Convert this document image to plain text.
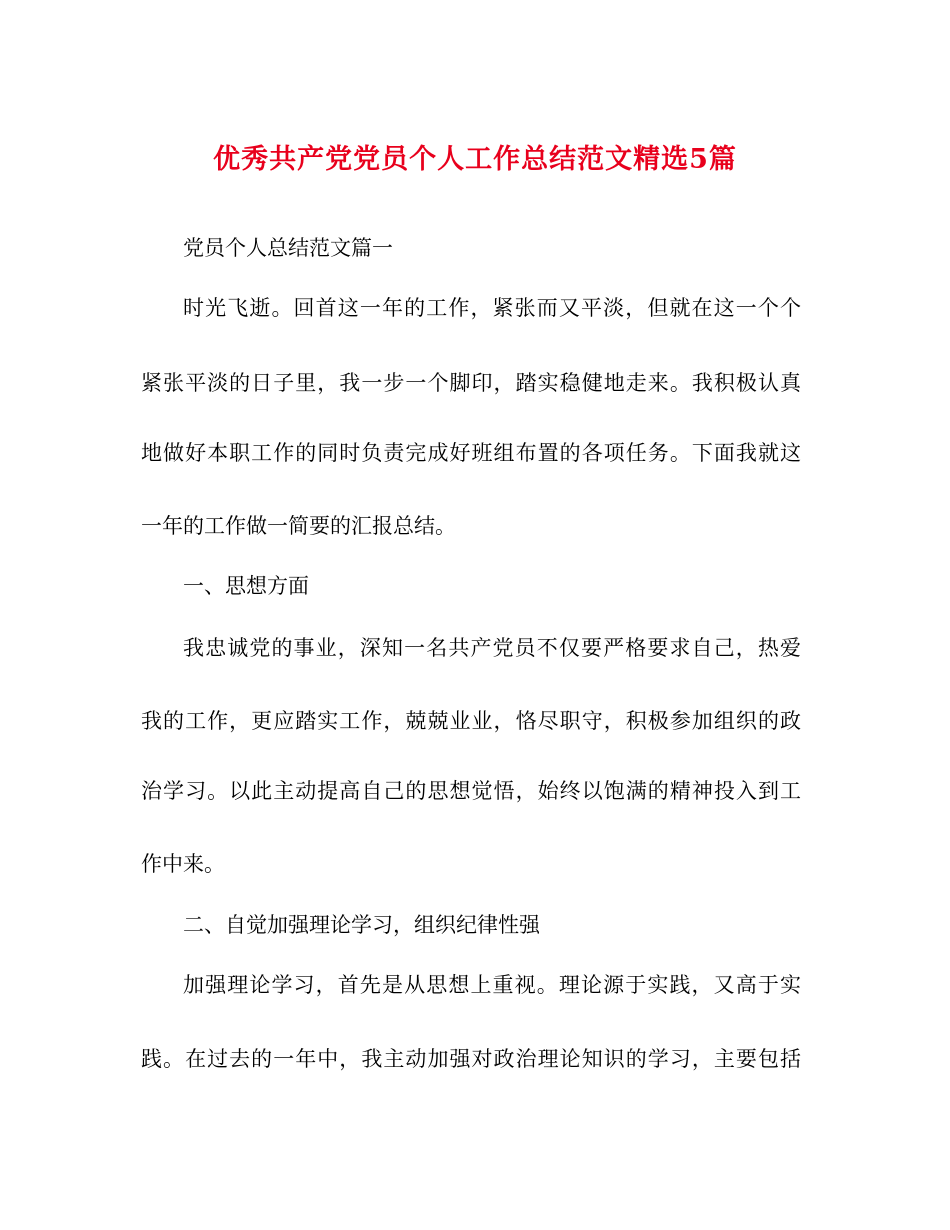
优秀共产党党员个人工作总结范文精选5篇
党员个人总结范文篇一
时光飞逝。回首这一年的工作，紧张而又平淡，但就在这一个个
紧张平淡的日子里，我一步一个脚印，踏实稳健地走来。我积极认真
地做好本职工作的同时负责完成好班组布置的各项任务。下面我就这
一年的工作做一简要的汇报总结。
一、思想方面
我忠诚党的事业，深知一名共产党员不仅要严格要求自己，热爱
我的工作，更应踏实工作，兢兢业业，恪尽职守，积极参加组织的政
治学习。以此主动提高自己的思想觉悟，始终以饱满的精神投入到工
作中来。
二、自觉加强理论学习，组织纪律性强
加强理论学习，首先是从思想上重视。理论源于实践，又高于实
践。在过去的一年中，我主动加强对政治理论知识的学习，主要包括
